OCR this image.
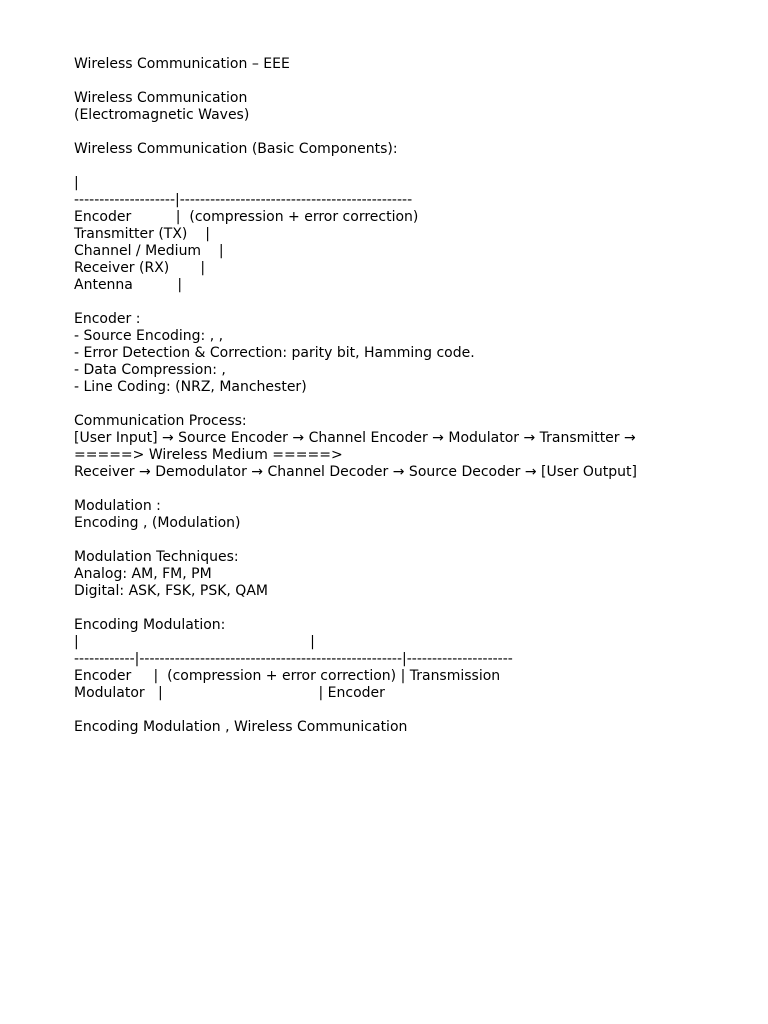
Wireless Communication – EEE

Wireless Communication

(Electromagnetic Waves)

Wireless Communication (Basic Components):

|

--------------------|----------------------------------------------

Encoder          |  (compression + error correction)

Transmitter (TX)    |

Channel / Medium    |

Receiver (RX)       |

Antenna          |

Encoder :

- Source Encoding: , ,

- Error Detection & Correction: parity bit, Hamming code.

- Data Compression: ,

- Line Coding: (NRZ, Manchester)

Communication Process:

[User Input] → Source Encoder → Channel Encoder → Modulator → Transmitter →

=====> Wireless Medium =====>

Receiver → Demodulator → Channel Decoder → Source Decoder → [User Output]

Modulation :

Encoding , (Modulation)

Modulation Techniques:

Analog: AM, FM, PM

Digital: ASK, FSK, PSK, QAM

Encoding Modulation:

|                                                    |

------------|----------------------------------------------------|---------------------

Encoder     |  (compression + error correction) | Transmission

Modulator   |                                   | Encoder

Encoding Modulation , Wireless Communication
